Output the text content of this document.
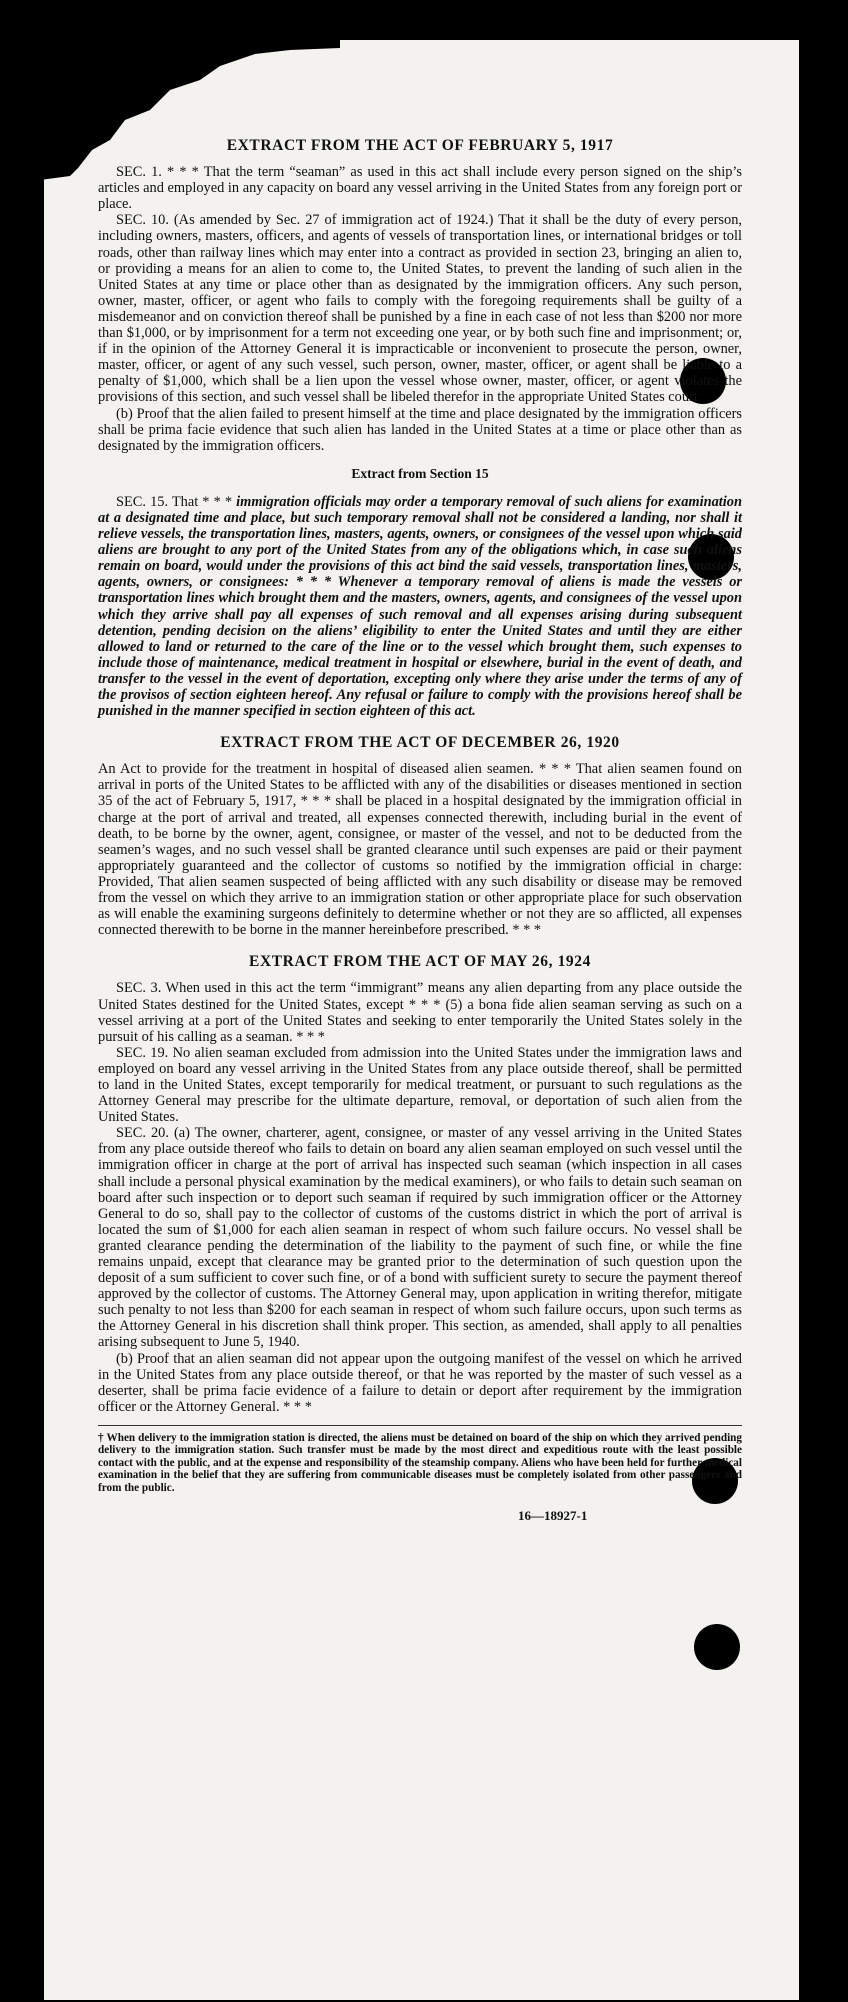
EXTRACT FROM THE ACT OF FEBRUARY 5, 1917

SEC. 1. * * * That the term “seaman” as used in this act shall include every person signed on the ship’s articles and employed in any capacity on board any vessel arriving in the United States from any foreign port or place.

SEC. 10. (As amended by Sec. 27 of immigration act of 1924.) That it shall be the duty of every person, including owners, masters, officers, and agents of vessels of transportation lines, or international bridges or toll roads, other than railway lines which may enter into a contract as provided in section 23, bringing an alien to, or providing a means for an alien to come to, the United States, to prevent the landing of such alien in the United States at any time or place other than as designated by the immigration officers. Any such person, owner, master, officer, or agent who fails to comply with the foregoing requirements shall be guilty of a misdemeanor and on conviction thereof shall be punished by a fine in each case of not less than $200 nor more than $1,000, or by imprisonment for a term not exceeding one year, or by both such fine and imprisonment; or, if in the opinion of the Attorney General it is impracticable or inconvenient to prosecute the person, owner, master, officer, or agent of any such vessel, such person, owner, master, officer, or agent shall be liable to a penalty of $1,000, which shall be a lien upon the vessel whose owner, master, officer, or agent violates the provisions of this section, and such vessel shall be libeled therefor in the appropriate United States court.

(b) Proof that the alien failed to present himself at the time and place designated by the immigration officers shall be prima facie evidence that such alien has landed in the United States at a time or place other than as designated by the immigration officers.

Extract from Section 15

SEC. 15. That * * * immigration officials may order a temporary removal of such aliens for examination at a designated time and place, but such temporary removal shall not be considered a landing, nor shall it relieve vessels, the transportation lines, masters, agents, owners, or consignees of the vessel upon which said aliens are brought to any port of the United States from any of the obligations which, in case such aliens remain on board, would under the provisions of this act bind the said vessels, transportation lines, masters, agents, owners, or consignees: * * * Whenever a temporary removal of aliens is made the vessels or transportation lines which brought them and the masters, owners, agents, and consignees of the vessel upon which they arrive shall pay all expenses of such removal and all expenses arising during subsequent detention, pending decision on the aliens’ eligibility to enter the United States and until they are either allowed to land or returned to the care of the line or to the vessel which brought them, such expenses to include those of maintenance, medical treatment in hospital or elsewhere, burial in the event of death, and transfer to the vessel in the event of deportation, excepting only where they arise under the terms of any of the provisos of section eighteen hereof. Any refusal or failure to comply with the provisions hereof shall be punished in the manner specified in section eighteen of this act.

EXTRACT FROM THE ACT OF DECEMBER 26, 1920

An Act to provide for the treatment in hospital of diseased alien seamen. * * * That alien seamen found on arrival in ports of the United States to be afflicted with any of the disabilities or diseases mentioned in section 35 of the act of February 5, 1917, * * * shall be placed in a hospital designated by the immigration official in charge at the port of arrival and treated, all expenses connected therewith, including burial in the event of death, to be borne by the owner, agent, consignee, or master of the vessel, and not to be deducted from the seamen’s wages, and no such vessel shall be granted clearance until such expenses are paid or their payment appropriately guaranteed and the collector of customs so notified by the immigration official in charge: Provided, That alien seamen suspected of being afflicted with any such disability or disease may be removed from the vessel on which they arrive to an immigration station or other appropriate place for such observation as will enable the examining surgeons definitely to determine whether or not they are so afflicted, all expenses connected therewith to be borne in the manner hereinbefore prescribed. * * *

EXTRACT FROM THE ACT OF MAY 26, 1924

SEC. 3. When used in this act the term “immigrant” means any alien departing from any place outside the United States destined for the United States, except * * * (5) a bona fide alien seaman serving as such on a vessel arriving at a port of the United States and seeking to enter temporarily the United States solely in the pursuit of his calling as a seaman. * * *

SEC. 19. No alien seaman excluded from admission into the United States under the immigration laws and employed on board any vessel arriving in the United States from any place outside thereof, shall be permitted to land in the United States, except temporarily for medical treatment, or pursuant to such regulations as the Attorney General may prescribe for the ultimate departure, removal, or deportation of such alien from the United States.

SEC. 20. (a) The owner, charterer, agent, consignee, or master of any vessel arriving in the United States from any place outside thereof who fails to detain on board any alien seaman employed on such vessel until the immigration officer in charge at the port of arrival has inspected such seaman (which inspection in all cases shall include a personal physical examination by the medical examiners), or who fails to detain such seaman on board after such inspection or to deport such seaman if required by such immigration officer or the Attorney General to do so, shall pay to the collector of customs of the customs district in which the port of arrival is located the sum of $1,000 for each alien seaman in respect of whom such failure occurs. No vessel shall be granted clearance pending the determination of the liability to the payment of such fine, or while the fine remains unpaid, except that clearance may be granted prior to the determination of such question upon the deposit of a sum sufficient to cover such fine, or of a bond with sufficient surety to secure the payment thereof approved by the collector of customs. The Attorney General may, upon application in writing therefor, mitigate such penalty to not less than $200 for each seaman in respect of whom such failure occurs, upon such terms as the Attorney General in his discretion shall think proper. This section, as amended, shall apply to all penalties arising subsequent to June 5, 1940.

(b) Proof that an alien seaman did not appear upon the outgoing manifest of the vessel on which he arrived in the United States from any place outside thereof, or that he was reported by the master of such vessel as a deserter, shall be prima facie evidence of a failure to detain or deport after requirement by the immigration officer or the Attorney General. * * *

† When delivery to the immigration station is directed, the aliens must be detained on board of the ship on which they arrived pending delivery to the immigration station. Such transfer must be made by the most direct and expeditious route with the least possible contact with the public, and at the expense and responsibility of the steamship company. Aliens who have been held for further medical examination in the belief that they are suffering from communicable diseases must be completely isolated from other passengers and from the public.
16—18927-1
